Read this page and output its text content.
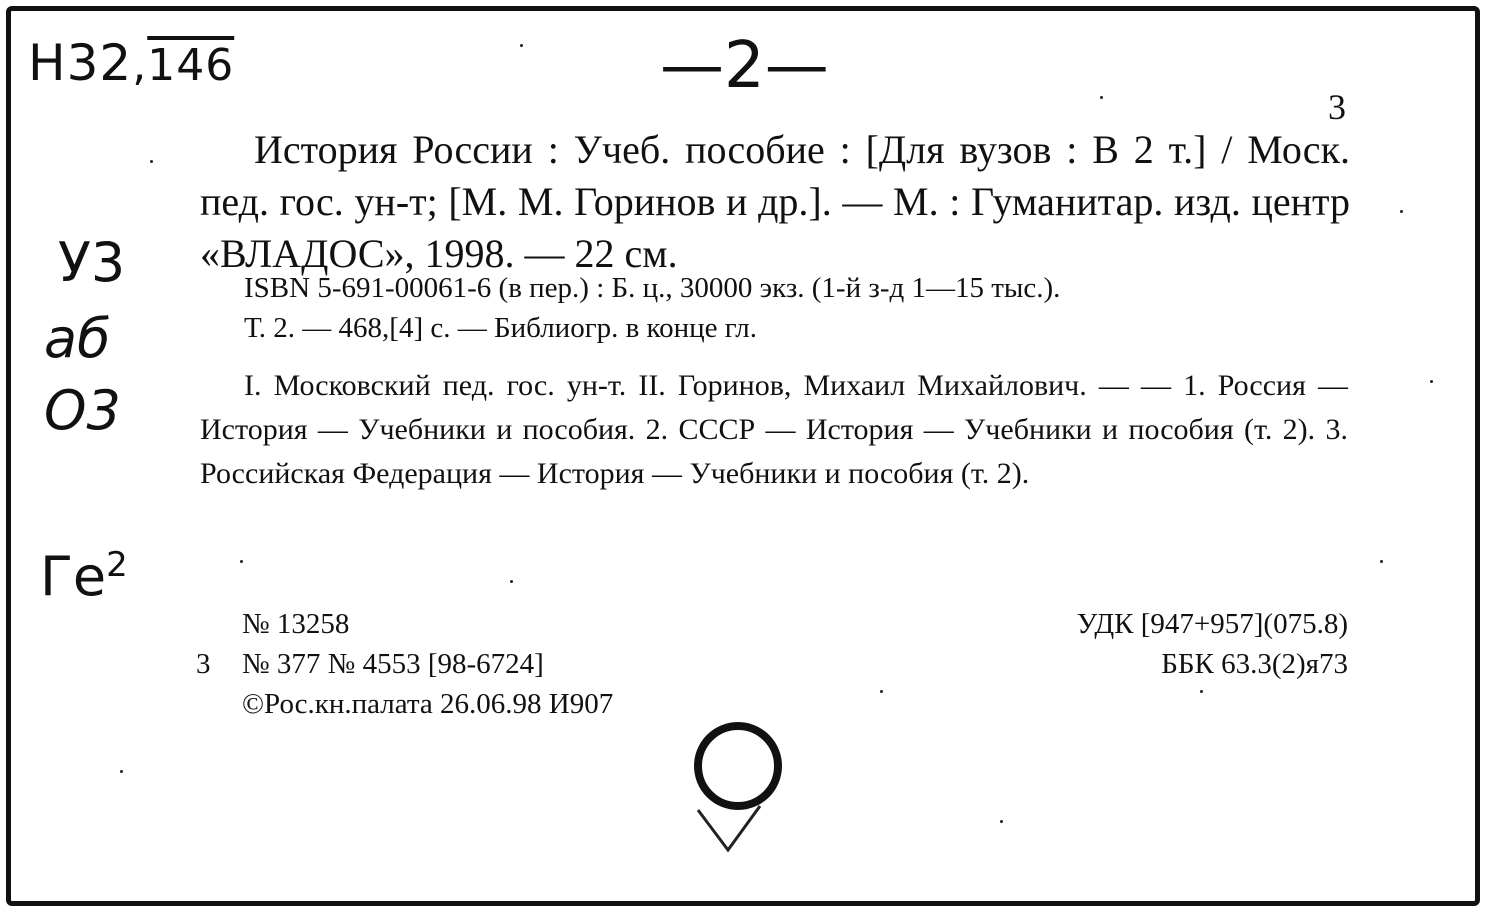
Н32,146	—2—
У3
аб
О3
$Ге^2$
3
История России : Учеб. пособие : [Для вузов : В 2 т.] / Моск. пед. гос. ун-т; [М. М. Горинов и др.]. — М. : Гуманитар. изд. центр «ВЛАДОС», 1998. — 22 см.
ISBN 5-691-00061-6 (в пер.) : Б. ц., 30000 экз. (1-й з-д 1—15 тыс.).
Т. 2. — 468,[4] с. — Библиогр. в конце гл.
I. Московский пед. гос. ун-т. II. Горинов, Михаил Михайлович. — — 1. Россия — История — Учебники и пособия. 2. СССР — История — Учебники и пособия (т. 2). 3. Российская Федерация — История — Учебники и пособия (т. 2).
№ 13258
3 № 377 № 4553 [98-6724]
©Рос.кн.палата 26.06.98 И907
УДК [947+957](075.8)
ББК 63.3(2)я73
